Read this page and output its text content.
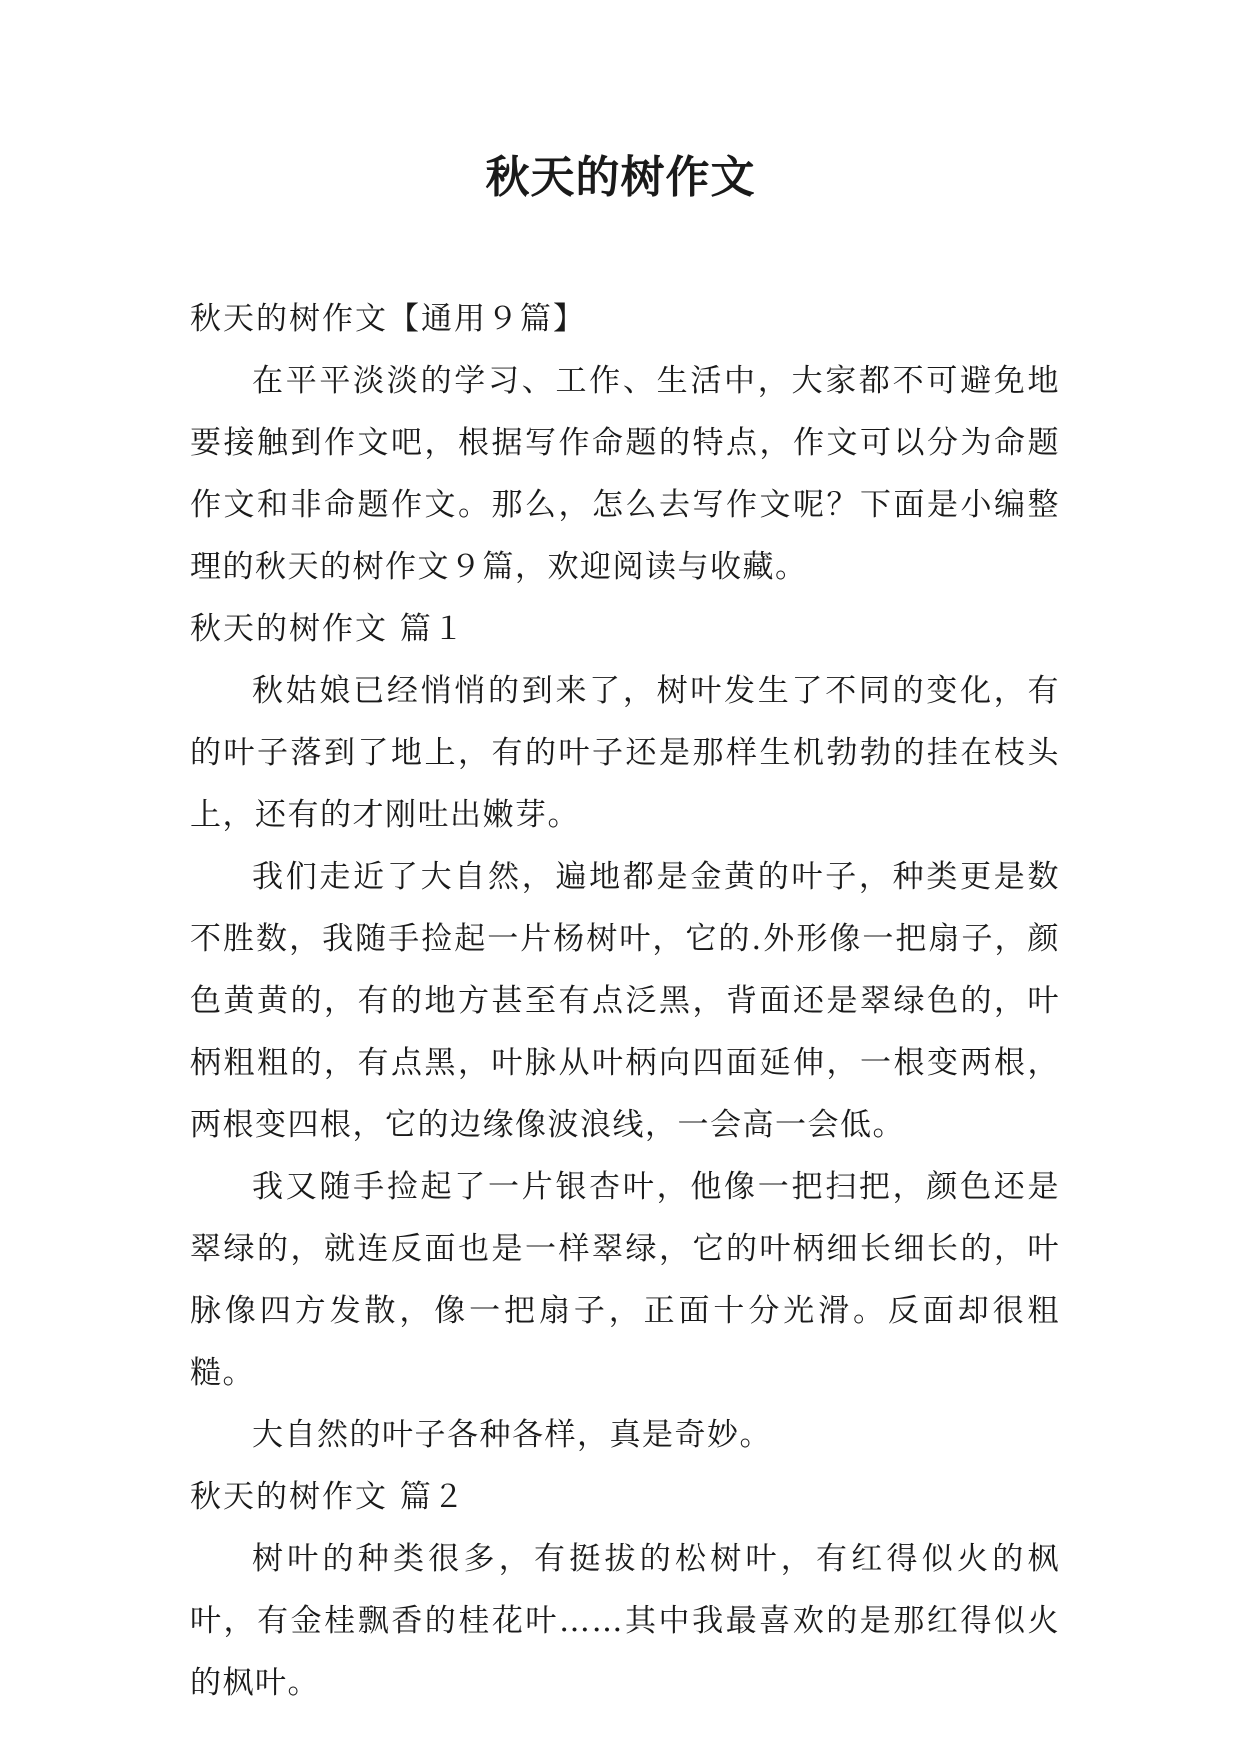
秋天的树作文

秋天的树作文【通用９篇】

在平平淡淡的学习、工作、生活中，大家都不可避免地要接触到作文吧，根据写作命题的特点，作文可以分为命题作文和非命题作文。那么，怎么去写作文呢？下面是小编整理的秋天的树作文９篇，欢迎阅读与收藏。

秋天的树作文 篇１

秋姑娘已经悄悄的到来了，树叶发生了不同的变化，有的叶子落到了地上，有的叶子还是那样生机勃勃的挂在枝头上，还有的才刚吐出嫩芽。

我们走近了大自然，遍地都是金黄的叶子，种类更是数不胜数，我随手捡起一片杨树叶，它的.外形像一把扇子，颜色黄黄的，有的地方甚至有点泛黑，背面还是翠绿色的，叶柄粗粗的，有点黑，叶脉从叶柄向四面延伸，一根变两根，两根变四根，它的边缘像波浪线，一会高一会低。

我又随手捡起了一片银杏叶，他像一把扫把，颜色还是翠绿的，就连反面也是一样翠绿，它的叶柄细长细长的，叶脉像四方发散，像一把扇子，正面十分光滑。反面却很粗糙。

大自然的叶子各种各样，真是奇妙。

秋天的树作文 篇２

树叶的种类很多，有挺拔的松树叶，有红得似火的枫叶，有金桂飘香的桂花叶……其中我最喜欢的是那红得似火的枫叶。
